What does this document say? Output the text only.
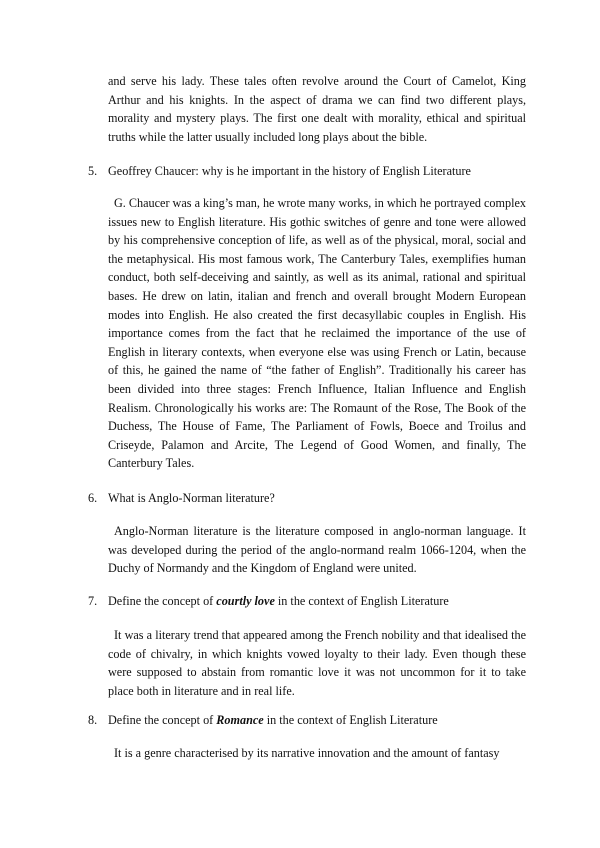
and serve his lady. These tales often revolve around the Court of Camelot, King Arthur and his knights. In the aspect of drama we can find two different plays, morality and mystery plays. The first one dealt with morality, ethical and spiritual truths while the latter usually included long plays about the bible.

5. Geoffrey Chaucer: why is he important in the history of English Literature

G. Chaucer was a king’s man, he wrote many works, in which he portrayed complex issues new to English literature. His gothic switches of genre and tone were allowed by his comprehensive conception of life, as well as of the physical, moral, social and the metaphysical. His most famous work, The Canterbury Tales, exemplifies human conduct, both self-deceiving and saintly, as well as its animal, rational and spiritual bases. He drew on latin, italian and french and overall brought Modern European modes into English. He also created the first decasyllabic couples in English. His importance comes from the fact that he reclaimed the importance of the use of English in literary contexts, when everyone else was using French or Latin, because of this, he gained the name of “the father of English”. Traditionally his career has been divided into three stages: French Influence, Italian Influence and English Realism. Chronologically his works are: The Romaunt of the Rose, The Book of the Duchess, The House of Fame, The Parliament of Fowls, Boece and Troilus and Criseyde, Palamon and Arcite, The Legend of Good Women, and finally, The Canterbury Tales.

6. What is Anglo-Norman literature?

Anglo-Norman literature is the literature composed in anglo-norman language. It was developed during the period of the anglo-normand realm 1066-1204, when the Duchy of Normandy and the Kingdom of England were united.

7. Define the concept of courtly love in the context of English Literature

It was a literary trend that appeared among the French nobility and that idealised the code of chivalry, in which knights vowed loyalty to their lady. Even though these were supposed to abstain from romantic love it was not uncommon for it to take place both in literature and in real life.

8. Define the concept of Romance in the context of English Literature

It is a genre characterised by its narrative innovation and the amount of fantasy
